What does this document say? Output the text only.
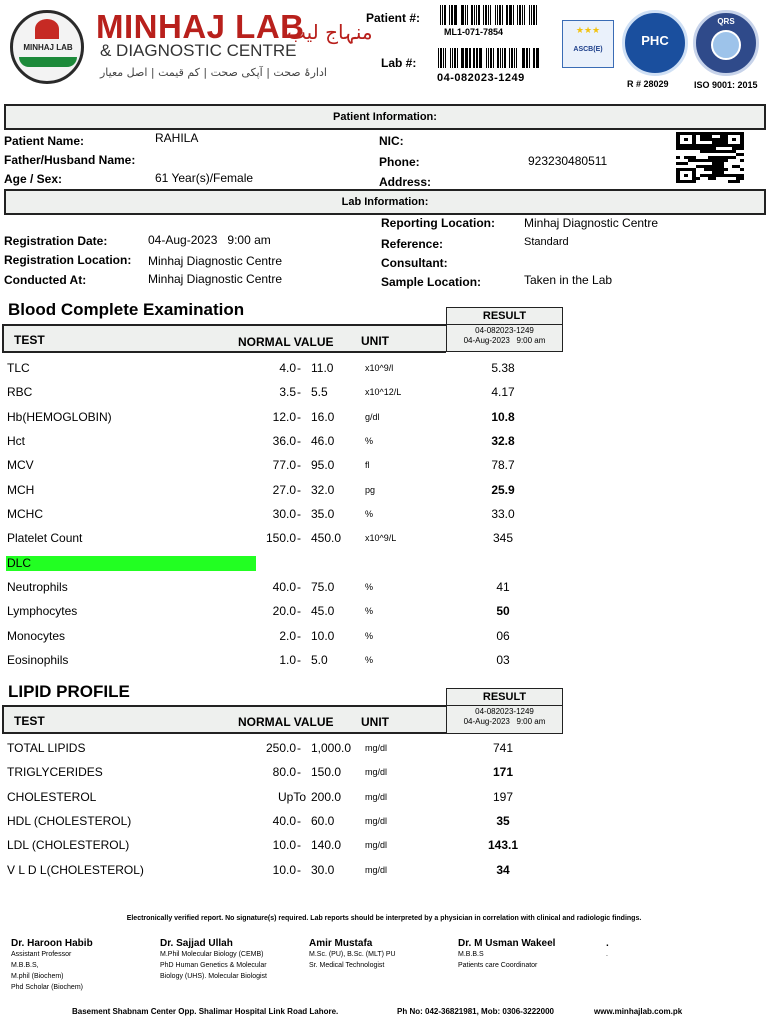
MINHAJ LAB
MINHAJ LAB
منہاج لیب
& DIAGNOSTIC CENTRE
ادارۂ صحت | آپکی صحت | کم قیمت | اصل معیار
Patient #:
ML1-071-7854
Lab #:
04-082023-1249
★★★
ASCB(E)
PHC
QRS
R # 28029	ISO 9001: 2015
Patient Information:
Patient Name:	RAHILA
Father/Husband Name:
Age / Sex:	61 Year(s)/Female
NIC:
Phone:	923230480511
Address:
Lab Information:
Registration Date:	04-Aug-2023   9:00 am
Registration Location: Minhaj Diagnostic Centre
Conducted At:	Minhaj Diagnostic Centre
Reporting Location: Minhaj Diagnostic Centre
Reference:	Standard
Consultant:
Sample Location:	Taken in the Lab
Blood Complete Examination	RESULT
04-082023-1249
04-Aug-2023   9:00 am
TEST	NORMAL VALUE UNIT
TLC	4.0 11.0	x10^9/l	5.38
-
RBC	3.5 5.5	x10^12/L	4.17
-
Hb(HEMOGLOBIN)	12.0 16.0	g/dl	10.8
-
Hct	36.0 46.0	%	32.8
-
MCV	77.0 95.0	fl	78.7
-
MCH	27.0 32.0	pg	25.9
-
MCHC	30.0 35.0	%	33.0
-
Platelet Count	150.0 450.0	x10^9/L	345
-
DLC
Neutrophils	40.0 75.0	%	41
-
Lymphocytes	20.0 45.0	%	50
-
Monocytes	2.0 10.0	%	06
-
Eosinophils	1.0 5.0	%	03
-
LIPID PROFILE	RESULT
04-082023-1249
04-Aug-2023   9:00 am
TEST	NORMAL VALUE UNIT
TOTAL LIPIDS	250.0 1,000.0 mg/dl	741
-
TRIGLYCERIDES	80.0 150.0	mg/dl	171
-
CHOLESTEROL	UpTo 200.0	mg/dl	197
HDL (CHOLESTEROL)	40.0 60.0	mg/dl	35
-
LDL (CHOLESTEROL)	10.0 140.0	mg/dl	143.1
-
V L D L(CHOLESTEROL)	10.0 30.0	mg/dl	34
-
Electronically verified report. No signature(s) required. Lab reports should be interpreted by a physician in correlation with clinical and radiologic findings.
Dr. Haroon Habib
Assistant Professor
M.B.B.S,
M.phil (Biochem)
Phd Scholar (Biochem)
Dr. Sajjad Ullah
M.Phil Molecular Biology (CEMB)
PhD Human Genetics & Molecular
Biology (UHS). Molecular Biologist
Amir Mustafa
M.Sc. (PU), B.Sc. (MLT) PU
Sr. Medical Technologist
Dr. M Usman Wakeel
M.B.B.S
Patients care Coordinator
.
.
Basement Shabnam Center Opp. Shalimar Hospital Link Road Lahore.	Ph No: 042-36821981, Mob: 0306-3222000	www.minhajlab.com.pk
